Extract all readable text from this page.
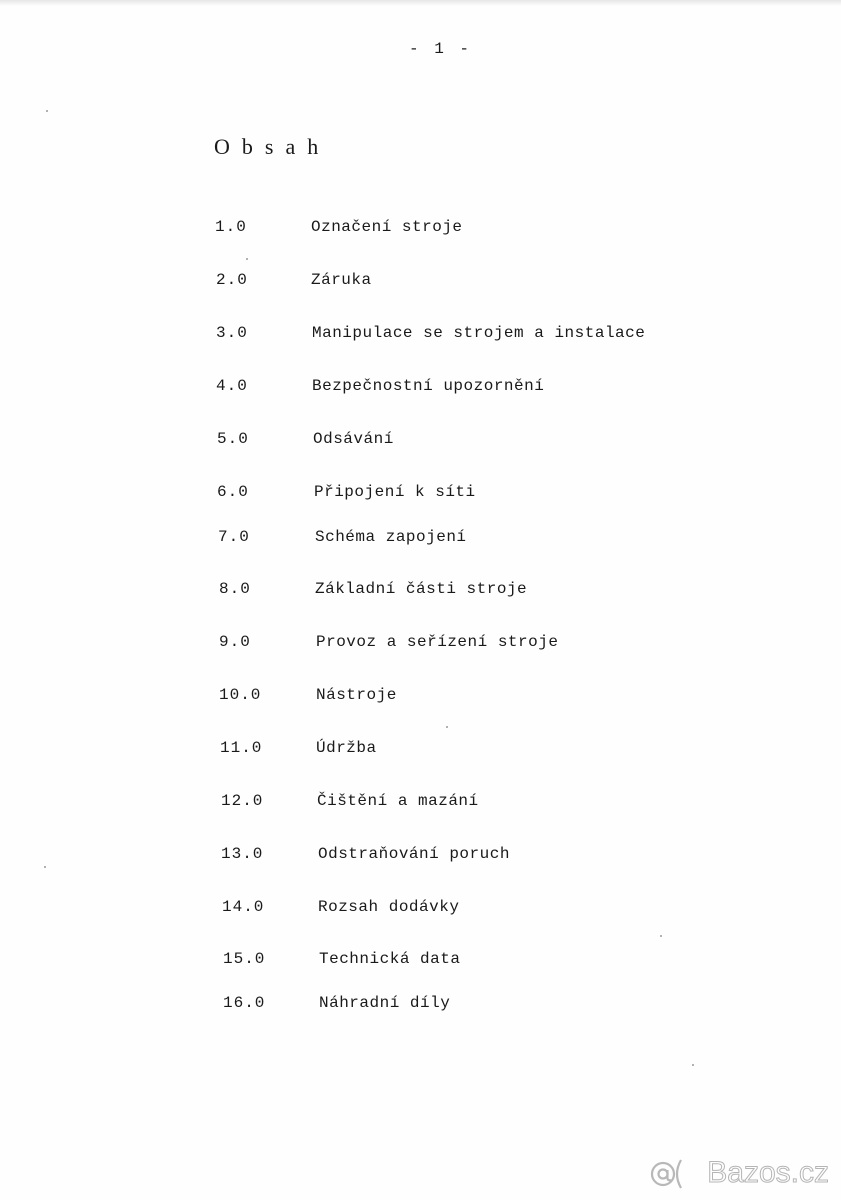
- 1 -
Obsah
1.0	Označení stroje
2.0	Záruka
3.0	Manipulace se strojem a instalace
4.0	Bezpečnostní upozornění
5.0	Odsávání
6.0	Připojení k síti
7.0	Schéma zapojení
8.0	Základní části stroje
9.0	Provoz a seřízení stroje
10.0	Nástroje
11.0	Údržba
12.0	Čištění a mazání
13.0	Odstraňování poruch
14.0	Rozsah dodávky
15.0	Technická data
16.0	Náhradní díly
Bazos.cz
